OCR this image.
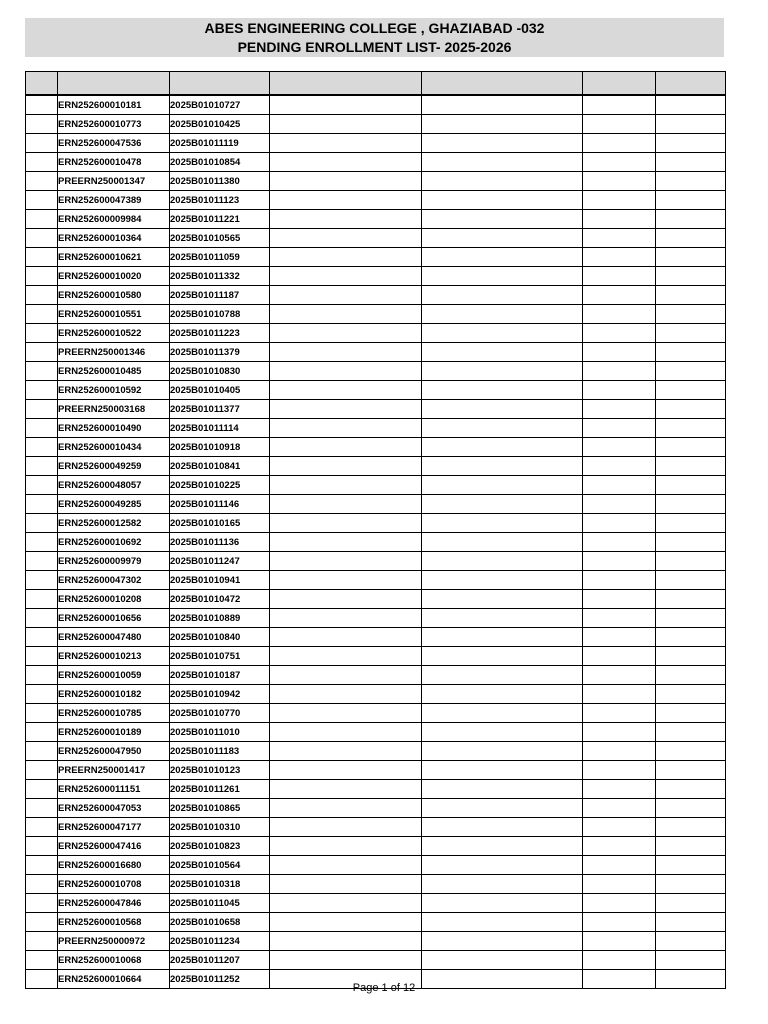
ABES ENGINEERING COLLEGE , GHAZIABAD -032
PENDING ENROLLMENT LIST- 2025-2026

	ERN252600010181	2025B01010727				
	ERN252600010773	2025B01010425				
	ERN252600047536	2025B01011119				
	ERN252600010478	2025B01010854				
	PREERN250001347	2025B01011380				
	ERN252600047389	2025B01011123				
	ERN252600009984	2025B01011221				
	ERN252600010364	2025B01010565				
	ERN252600010621	2025B01011059				
	ERN252600010020	2025B01011332				
	ERN252600010580	2025B01011187				
	ERN252600010551	2025B01010788				
	ERN252600010522	2025B01011223				
	PREERN250001346	2025B01011379				
	ERN252600010485	2025B01010830				
	ERN252600010592	2025B01010405				
	PREERN250003168	2025B01011377				
	ERN252600010490	2025B01011114				
	ERN252600010434	2025B01010918				
	ERN252600049259	2025B01010841				
	ERN252600048057	2025B01010225				
	ERN252600049285	2025B01011146				
	ERN252600012582	2025B01010165				
	ERN252600010692	2025B01011136				
	ERN252600009979	2025B01011247				
	ERN252600047302	2025B01010941				
	ERN252600010208	2025B01010472				
	ERN252600010656	2025B01010889				
	ERN252600047480	2025B01010840				
	ERN252600010213	2025B01010751				
	ERN252600010059	2025B01010187				
	ERN252600010182	2025B01010942				
	ERN252600010785	2025B01010770				
	ERN252600010189	2025B01011010				
	ERN252600047950	2025B01011183				
	PREERN250001417	2025B01010123				
	ERN252600011151	2025B01011261				
	ERN252600047053	2025B01010865				
	ERN252600047177	2025B01010310				
	ERN252600047416	2025B01010823				
	ERN252600016680	2025B01010564				
	ERN252600010708	2025B01010318				
	ERN252600047846	2025B01011045				
	ERN252600010568	2025B01010658				
	PREERN250000972	2025B01011234				
	ERN252600010068	2025B01011207				
	ERN252600010664	2025B01011252				
Page 1 of 12
